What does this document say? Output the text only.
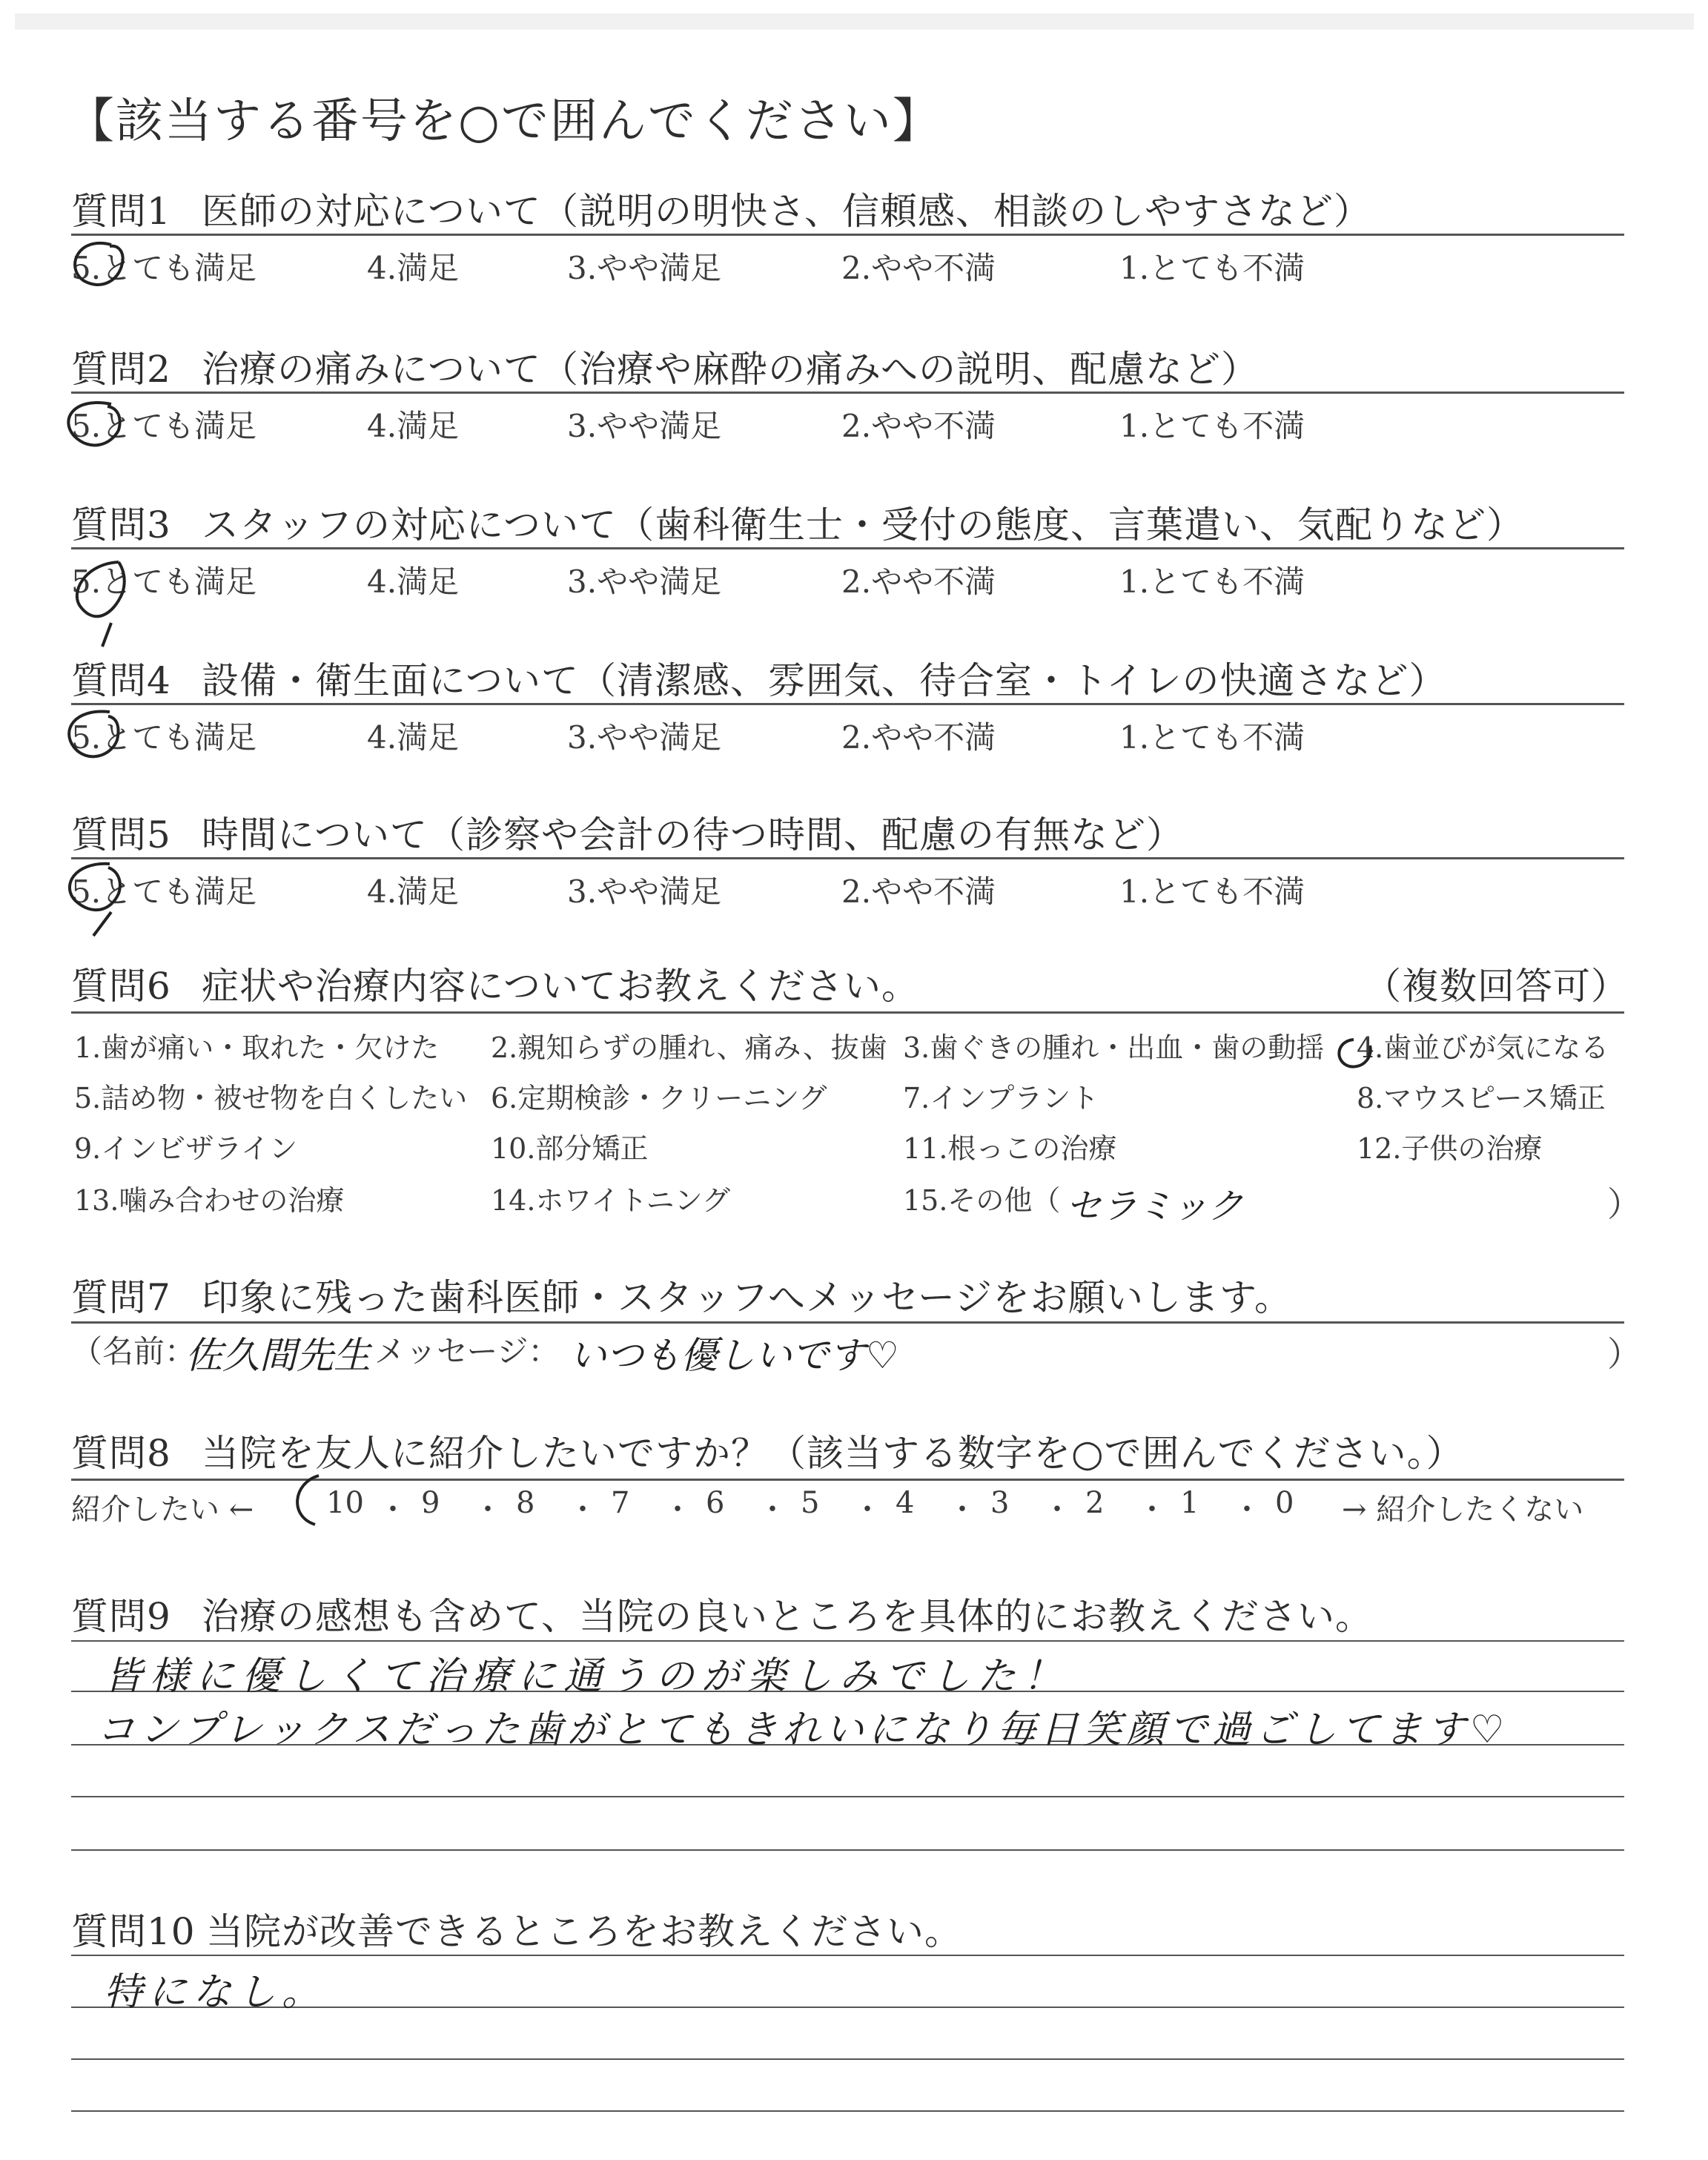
【該当する番号を○で囲んでください】
質問1 医師の対応について（説明の明快さ、信頼感、相談のしやすさなど）
5.とても満足	4.満足	3.やや満足	2.やや不満	1.とても不満
質問2 治療の痛みについて（治療や麻酔の痛みへの説明、配慮など）
5.とても満足	4.満足	3.やや満足	2.やや不満	1.とても不満
質問3 スタッフの対応について（歯科衛生士・受付の態度、言葉遣い、気配りなど）
5.とても満足	4.満足	3.やや満足	2.やや不満	1.とても不満
質問4 設備・衛生面について（清潔感、雰囲気、待合室・トイレの快適さなど）
5.とても満足	4.満足	3.やや満足	2.やや不満	1.とても不満
質問5 時間について（診察や会計の待つ時間、配慮の有無など）
5.とても満足	4.満足	3.やや満足	2.やや不満	1.とても不満
質問6 症状や治療内容についてお教えください。	（複数回答可）
1.歯が痛い・取れた・欠けた 2.親知らずの腫れ、痛み、抜歯 3.歯ぐきの腫れ・出血・歯の動揺 4.歯並びが気になる
5.詰め物・被せ物を白くしたい 6.定期検診・クリーニング	7.インプラント	8.マウスピース矯正
9.インビザライン	10.部分矯正	11.根っこの治療	12.子供の治療
13.噛み合わせの治療	14.ホワイトニング	15.その他（	）
セラミック
質問7 印象に残った歯科医師・スタッフへメッセージをお願いします。
（名前：
佐久間先生 メッセージ： いつも優しいです♡	）
質問8 当院を友人に紹介したいですか？（該当する数字を○で囲んでください。）
紹介したい ← 10 ・ 9 ・ 8 ・ 7 ・ 6 ・ 5 ・ 4 ・ 3 ・ 2 ・ 1 ・ 0 → 紹介したくない
質問9 治療の感想も含めて、当院の良いところを具体的にお教えください。
皆様に優しくて治療に通うのが楽しみでした！
コンプレックスだった歯がとてもきれいになり毎日笑顔で過ごしてます♡
質問10 当院が改善できるところをお教えください。
特になし。
